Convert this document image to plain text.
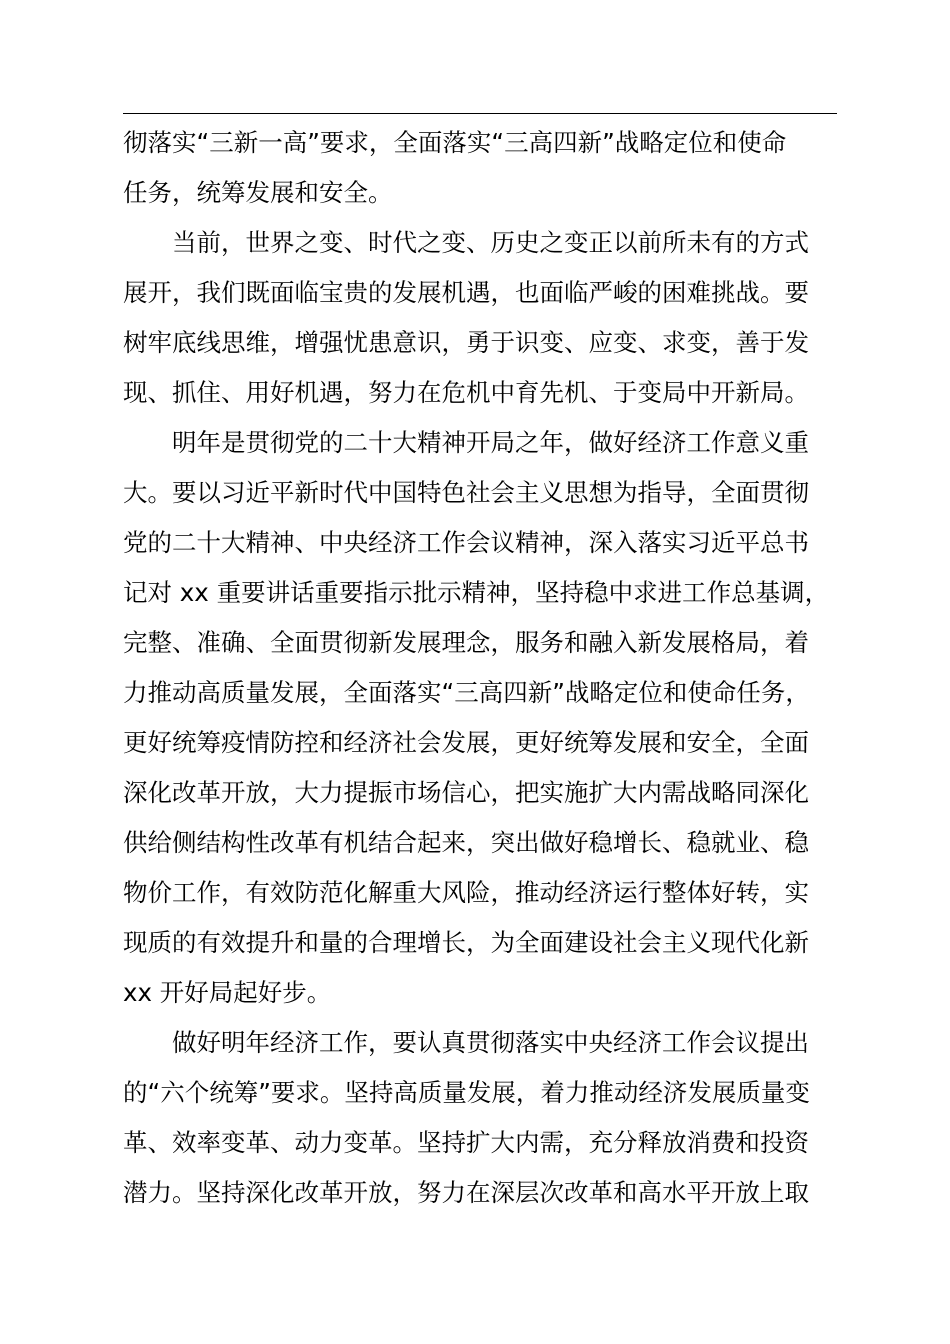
彻落实“三新一高”要求，全面落实“三高四新”战略定位和使命
任务，统筹发展和安全。
当前，世界之变、时代之变、历史之变正以前所未有的方式
展开，我们既面临宝贵的发展机遇，也面临严峻的困难挑战。要
树牢底线思维，增强忧患意识，勇于识变、应变、求变，善于发
现、抓住、用好机遇，努力在危机中育先机、于变局中开新局。
明年是贯彻党的二十大精神开局之年，做好经济工作意义重
大。要以习近平新时代中国特色社会主义思想为指导，全面贯彻
党的二十大精神、中央经济工作会议精神，深入落实习近平总书
记对 xx 重要讲话重要指示批示精神，坚持稳中求进工作总基调，
完整、准确、全面贯彻新发展理念，服务和融入新发展格局，着
力推动高质量发展，全面落实“三高四新”战略定位和使命任务，
更好统筹疫情防控和经济社会发展，更好统筹发展和安全，全面
深化改革开放，大力提振市场信心，把实施扩大内需战略同深化
供给侧结构性改革有机结合起来，突出做好稳增长、稳就业、稳
物价工作，有效防范化解重大风险，推动经济运行整体好转，实
现质的有效提升和量的合理增长，为全面建设社会主义现代化新
xx 开好局起好步。
做好明年经济工作，要认真贯彻落实中央经济工作会议提出
的“六个统筹”要求。坚持高质量发展，着力推动经济发展质量变
革、效率变革、动力变革。坚持扩大内需，充分释放消费和投资
潜力。坚持深化改革开放，努力在深层次改革和高水平开放上取
